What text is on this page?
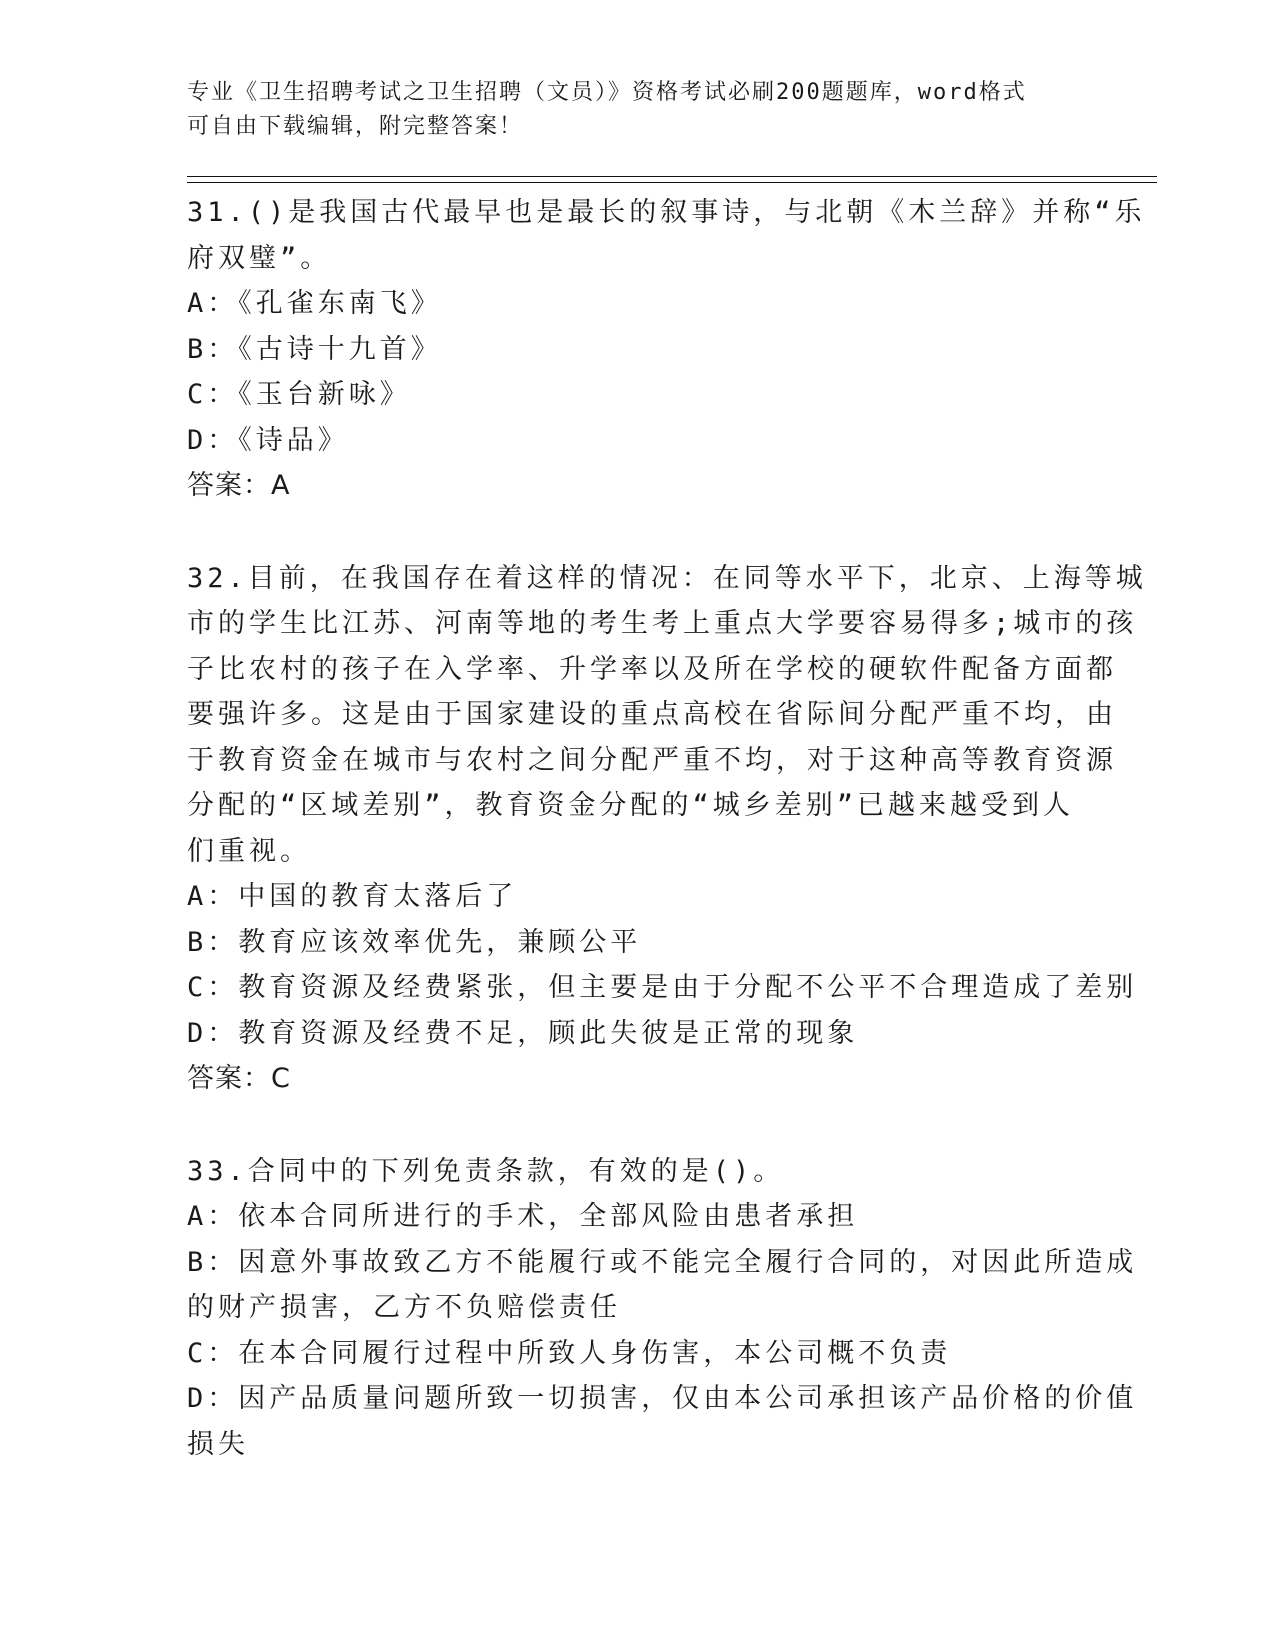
专业《卫生招聘考试之卫生招聘（文员）》资格考试必刷200题题库，word格式
可自由下载编辑，附完整答案！
31.()是我国古代最早也是最长的叙事诗，与北朝《木兰辞》并称“乐
府双璧”。
A：《孔雀东南飞》
B：《古诗十九首》
C：《玉台新咏》
D：《诗品》
答案：A
32.目前，在我国存在着这样的情况：在同等水平下，北京、上海等城
市的学生比江苏、河南等地的考生考上重点大学要容易得多;城市的孩
子比农村的孩子在入学率、升学率以及所在学校的硬软件配备方面都
要强许多。这是由于国家建设的重点高校在省际间分配严重不均，由
于教育资金在城市与农村之间分配严重不均，对于这种高等教育资源
分配的“区域差别”，教育资金分配的“城乡差别”已越来越受到人
们重视。
A：中国的教育太落后了
B：教育应该效率优先，兼顾公平
C：教育资源及经费紧张，但主要是由于分配不公平不合理造成了差别
D：教育资源及经费不足，顾此失彼是正常的现象
答案：C
33.合同中的下列免责条款，有效的是()。
A：依本合同所进行的手术，全部风险由患者承担
B：因意外事故致乙方不能履行或不能完全履行合同的，对因此所造成
的财产损害，乙方不负赔偿责任
C：在本合同履行过程中所致人身伤害，本公司概不负责
D：因产品质量问题所致一切损害，仅由本公司承担该产品价格的价值
损失
